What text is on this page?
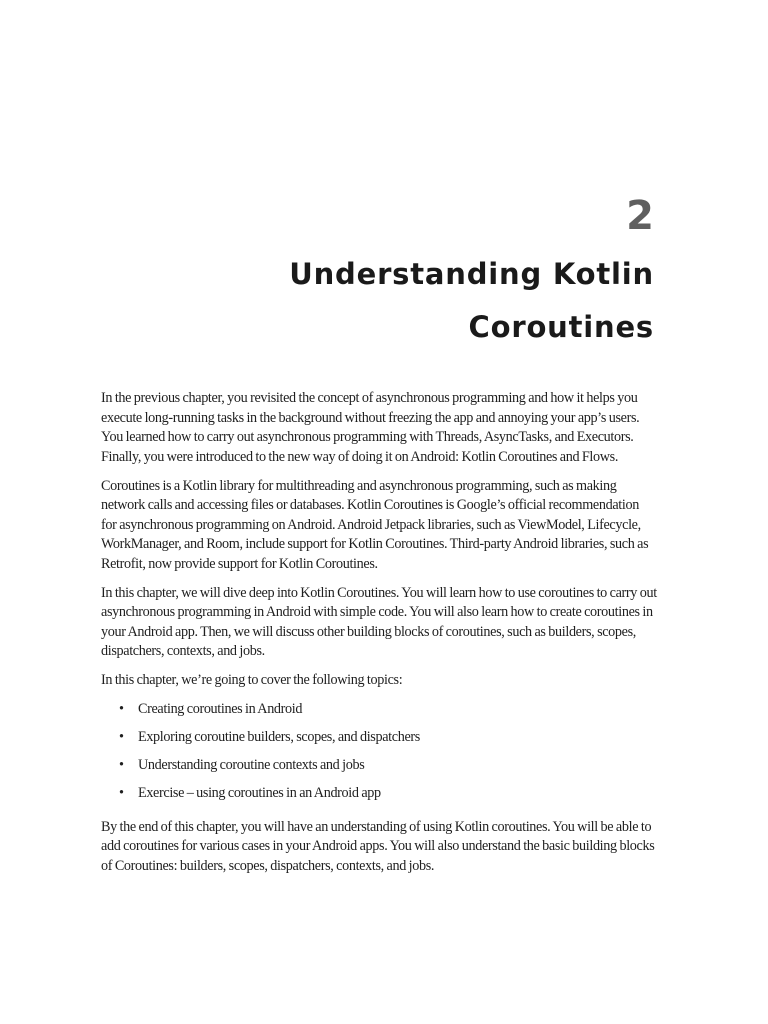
2
Understanding Kotlin
Coroutines

In the previous chapter, you revisited the concept of asynchronous programming and how it helps you execute long-running tasks in the background without freezing the app and annoying your app’s users. You learned how to carry out asynchronous programming with Threads, AsyncTasks, and Executors. Finally, you were introduced to the new way of doing it on Android: Kotlin Coroutines and Flows.

Coroutines is a Kotlin library for multithreading and asynchronous programming, such as making network calls and accessing files or databases. Kotlin Coroutines is Google’s official recommendation for asynchronous programming on Android. Android Jetpack libraries, such as ViewModel, Lifecycle, WorkManager, and Room, include support for Kotlin Coroutines. Third-party Android libraries, such as Retrofit, now provide support for Kotlin Coroutines.

In this chapter, we will dive deep into Kotlin Coroutines. You will learn how to use coroutines to carry out asynchronous programming in Android with simple code. You will also learn how to create coroutines in your Android app. Then, we will discuss other building blocks of coroutines, such as builders, scopes, dispatchers, contexts, and jobs.

In this chapter, we’re going to cover the following topics:

• Creating coroutines in Android
• Exploring coroutine builders, scopes, and dispatchers
• Understanding coroutine contexts and jobs
• Exercise – using coroutines in an Android app

By the end of this chapter, you will have an understanding of using Kotlin coroutines. You will be able to add coroutines for various cases in your Android apps. You will also understand the basic building blocks of Coroutines: builders, scopes, dispatchers, contexts, and jobs.
